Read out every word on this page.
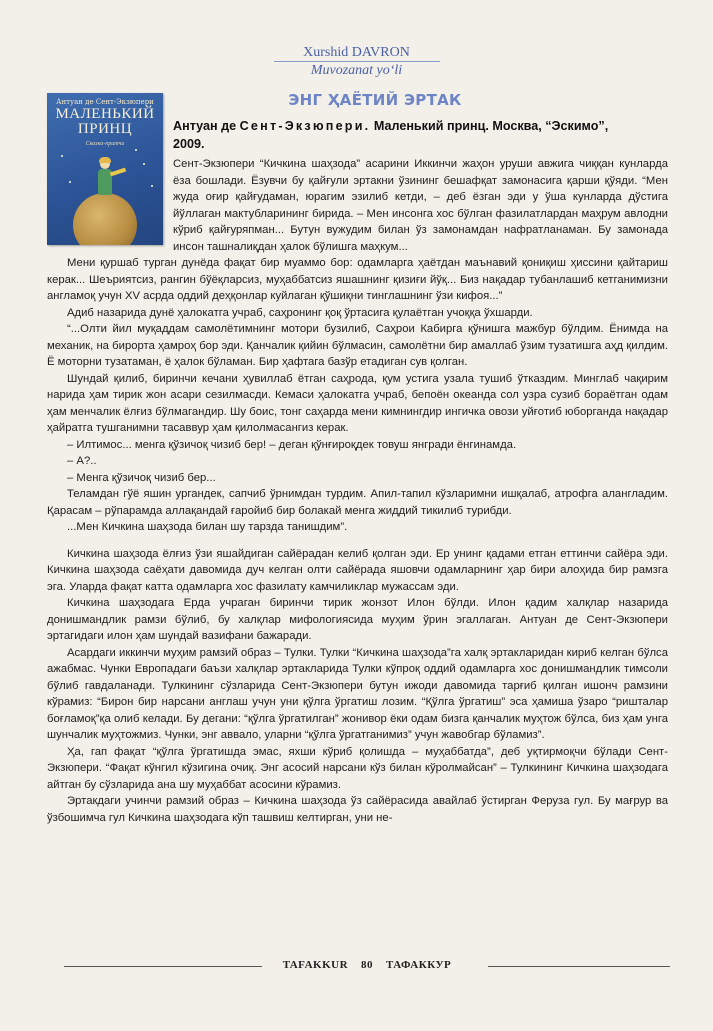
Xurshid DAVRON
Muvozanat yo‘li
Антуан де Сент-Экзюпери
МАЛЕНЬКИЙ
ПРИНЦ
Сказка-притча
ЭНГ ҲАЁТИЙ ЭРТАК
Антуан де Сент-Экзюпери. Маленький принц. Москва, “Эскимо”,
2009.

Сент-Экзюпери “Кичкина шаҳзода” асарини Иккинчи жаҳон уруши авжига чиққан кунларда ёза бошлади. Ёзувчи бу қайғули эртакни ўзининг бешафқат замонасига қарши қўяди. “Мен жуда оғир қайғудаман, юрагим эзилиб кетди, – деб ёзган эди у ўша кунларда дўстига йўллаган мактубларининг бирида. – Мен инсонга хос бўлган фазилатлардан маҳрум авлодни кўриб қайғуряпман... Бутун вужудим билан ўз замонамдан нафратланаман. Бу замонада инсон ташналиқдан ҳалок бўлишга маҳкум...

Мени қуршаб турган дунёда фақат бир муаммо бор: одамларга ҳаётдан маънавий қониқиш ҳиссини қайтариш керак... Шеъриятсиз, рангин бўёқларсиз, муҳаббатсиз яшашнинг қизиғи йўқ... Биз нақадар тубанлашиб кетганимизни англамоқ учун XV асрда оддий деҳқонлар куйлаган қўшиқни тинглашнинг ўзи кифоя...”

Адиб назарида дунё ҳалокатга учраб, саҳронинг қоқ ўртасига қулаётган учоққа ўхшарди.

“...Олти йил муқаддам самолётимнинг мотори бузилиб, Саҳрои Кабирга қўнишга мажбур бўлдим. Ёнимда на механик, на бирорта ҳамроҳ бор эди. Қанчалик қийин бўлмасин, самолётни бир амаллаб ўзим тузатишга аҳд қилдим. Ё моторни тузатаман, ё ҳалок бўламан. Бир ҳафтага базўр етадиган сув қолган.

Шундай қилиб, биринчи кечани ҳувиллаб ётган саҳрода, қум устига узала тушиб ўтказдим. Минглаб чақирим нарида ҳам тирик жон асари сезилмасди. Кемаси ҳалокатга учраб, бепоён океанда сол узра сузиб бораётган одам ҳам менчалик ёлғиз бўлмагандир. Шу боис, тонг саҳарда мени кимнингдир ингичка овози уйғотиб юборганда нақадар ҳайратга тушганимни тасаввур ҳам қилолмасангиз керак.

– Илтимос... менга қўзичоқ чизиб бер! – деган қўнғироқдек товуш янгради ёнгинамда.

– А?..

– Менга қўзичоқ чизиб бер...

Теламдан гўё яшин ургандек, сапчиб ўрнимдан турдим. Апил-тапил кўзларимни ишқалаб, атрофга алангладим. Қарасам – рўпарамда аллақандай ғаройиб бир болакай менга жиддий тикилиб турибди.

...Мен Кичкина шаҳзода билан шу тарзда танишдим”.

Кичкина шаҳзода ёлғиз ўзи яшайдиган сайёрадан келиб қолган эди. Ер унинг қадами етган еттинчи сайёра эди. Кичкина шаҳзода саёҳати давомида дуч келган олти сайёрада яшовчи одамларнинг ҳар бири алоҳида бир рамзга эга. Уларда фақат катта одамларга хос фазилату камчиликлар мужассам эди.

Кичкина шаҳзодага Ерда учраган биринчи тирик жонзот Илон бўлди. Илон қадим халқлар назарида донишмандлик рамзи бўлиб, бу халқлар мифологиясида муҳим ўрин эгаллаган. Антуан де Сент-Экзюпери эртагидаги илон ҳам шундай вазифани бажаради.

Асардаги иккинчи муҳим рамзий образ – Тулки. Тулки “Кичкина шаҳзода”га халқ эртакларидан кириб келган бўлса ажабмас. Чунки Европадаги баъзи халқлар эртакларида Тулки кўпроқ оддий одамларга хос донишмандлик тимсоли бўлиб гавдаланади. Тулкининг сўзларида Сент-Экзюпери бутун ижоди давомида тарғиб қилган ишонч рамзини кўрамиз: “Бирон бир нарсани англаш учун уни қўлга ўргатиш лозим. “Қўлга ўргатиш” эса ҳамиша ўзаро “ришталар боғламоқ”қа олиб келади. Бу дегани: “қўлга ўргатилган” жонивор ёки одам бизга қанчалик муҳтож бўлса, биз ҳам унга шунчалик муҳтожмиз. Чунки, энг аввало, уларни “қўлга ўргатганимиз” учун жавобгар бўламиз”.

Ҳа, гап фақат “қўлга ўргатишда эмас, яхши кўриб қолишда – муҳаббатда”, деб уқтирмоқчи бўлади Сент-Экзюпери. “Фақат кўнгил кўзигина очиқ. Энг асосий нарсани кўз билан кўролмайсан” – Тулкининг Кичкина шаҳзодага айтган бу сўзларида ана шу муҳаббат асосини кўрамиз.

Эртакдаги учинчи рамзий образ – Кичкина шаҳзода ўз сайёрасида авайлаб ўстирган Феруза гул. Бу мағрур ва ўзбошимча гул Кичкина шаҳзодага кўп ташвиш келтирган, уни не-

TAFAKKUR 80 ТАФАККУР
